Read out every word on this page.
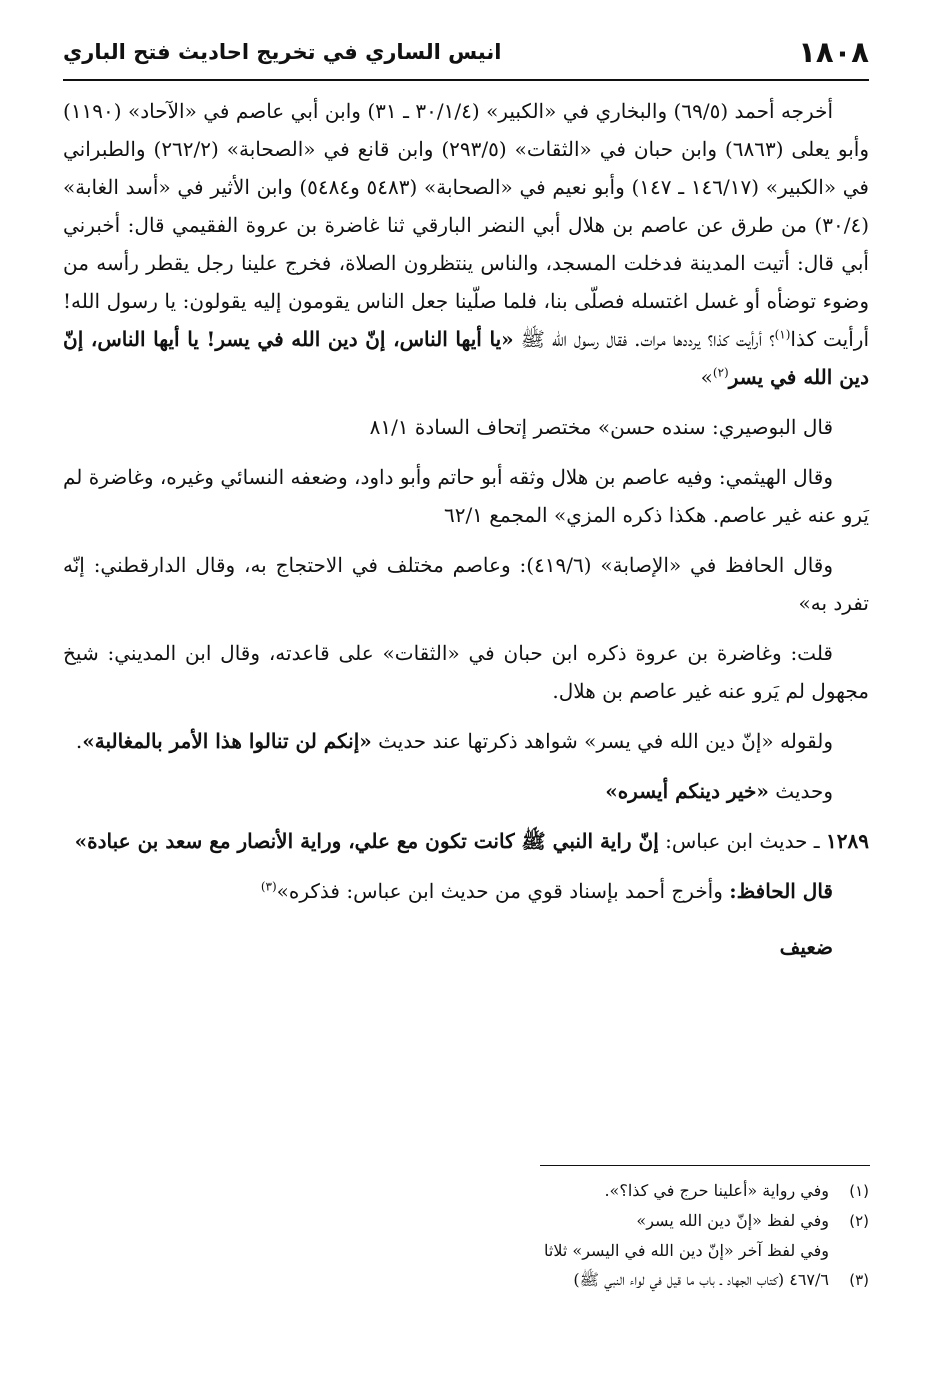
١٨٠٨
انيس الساري في تخريج احاديث فتح الباري

أخرجه أحمد (٦٩/٥) والبخاري في «الكبير» (٣٠/١/٤ ـ ٣١) وابن أبي عاصم في «الآحاد» (١١٩٠) وأبو يعلى (٦٨٦٣) وابن حبان في «الثقات» (٢٩٣/٥) وابن قانع في «الصحابة» (٢٦٢/٢) والطبراني في «الكبير» (١٤٦/١٧ ـ ١٤٧) وأبو نعيم في «الصحابة» (٥٤٨٣ و٥٤٨٤) وابن الأثير في «أسد الغابة» (٣٠/٤) من طرق عن عاصم بن هلال أبي النضر البارقي ثنا غاضرة بن عروة الفقيمي قال: أخبرني أبي قال: أتيت المدينة فدخلت المسجد، والناس ينتظرون الصلاة، فخرج علينا رجل يقطر رأسه من وضوء توضأه أو غسل اغتسله فصلّى بنا، فلما صلّينا جعل الناس يقومون إليه يقولون: يا رسول الله! أرأيت كذا$^{(١)}$؟ أرأيت كذا؟ يرددها مرات. فقال رسول الله ﷺ «يا أيها الناس، إنّ دين الله في يسر! يا أيها الناس، إنّ دين الله في يسر$^{(٢)}$»

قال البوصيري: سنده حسن» مختصر إتحاف السادة ٨١/١

وقال الهيثمي: وفيه عاصم بن هلال وثقه أبو حاتم وأبو داود، وضعفه النسائي وغيره، وغاضرة لم يَرو عنه غير عاصم. هكذا ذكره المزي» المجمع ٦٢/١

وقال الحافظ في «الإصابة» (٤١٩/٦): وعاصم مختلف في الاحتجاج به، وقال الدارقطني: إنّه تفرد به»

قلت: وغاضرة بن عروة ذكره ابن حبان في «الثقات» على قاعدته، وقال ابن المديني: شيخ مجهول لم يَرو عنه غير عاصم بن هلال.

ولقوله «إنّ دين الله في يسر» شواهد ذكرتها عند حديث «إنكم لن تنالوا هذا الأمر بالمغالبة».

وحديث «خير دينكم أيسره»

١٢٨٩ ـ حديث ابن عباس: إنّ راية النبي ﷺ كانت تكون مع علي، وراية الأنصار مع سعد بن عبادة»

قال الحافظ: وأخرج أحمد بإسناد قوي من حديث ابن عباس: فذكره»$^{(٣)}$

ضعيف

(١)
وفي رواية «أعلينا حرج في كذا؟».
(٢)
وفي لفظ «إنّ دين الله يسر»
وفي لفظ آخر «إنّ دين الله في اليسر» ثلاثا
(٣)
٤٦٧/٦ (كتاب الجهاد ـ باب ما قيل في لواء النبي ﷺ)
